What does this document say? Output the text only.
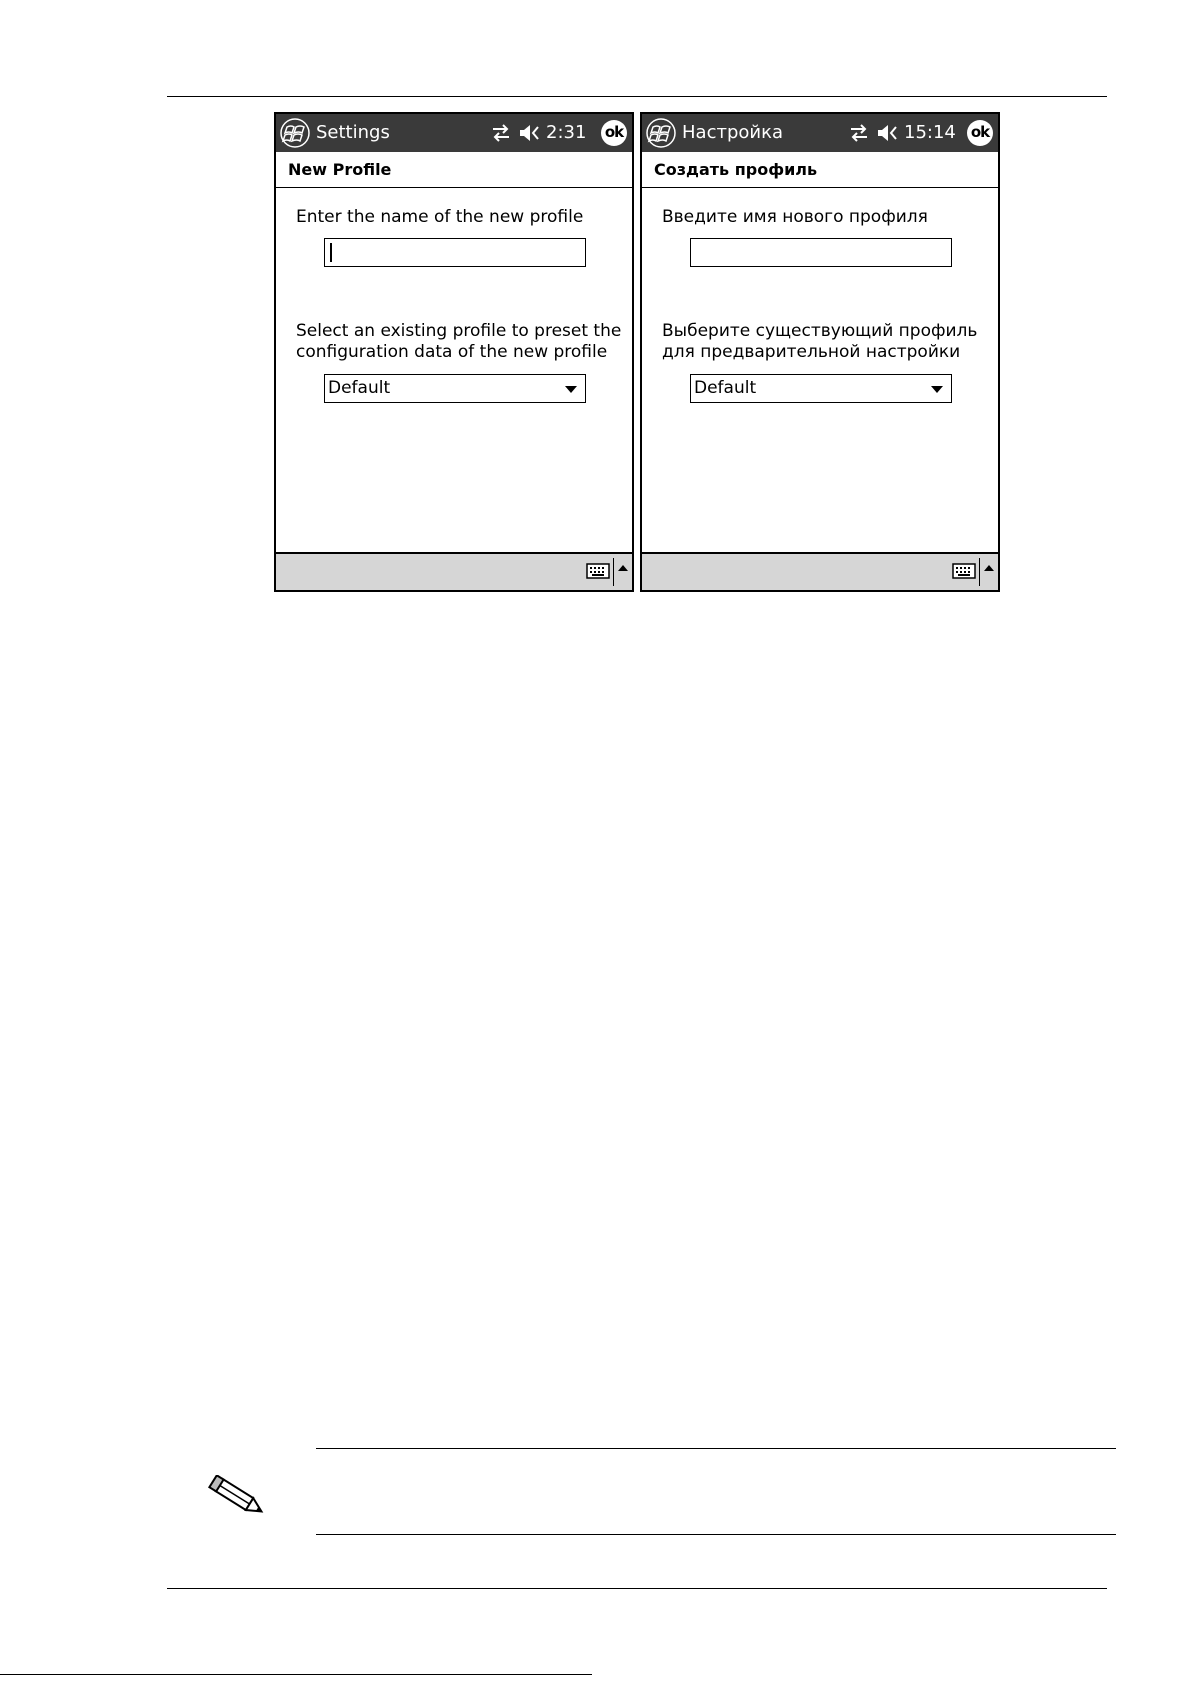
Settings	2:31 ok
New Profile
Enter the name of the new profile
Select an existing profile to preset the
configuration data of the new profile
Default
Настройка	15:14 ok
Создать профиль
Введите имя нового профиля
Выберите существующий профиль
для предварительной настройки
Default
